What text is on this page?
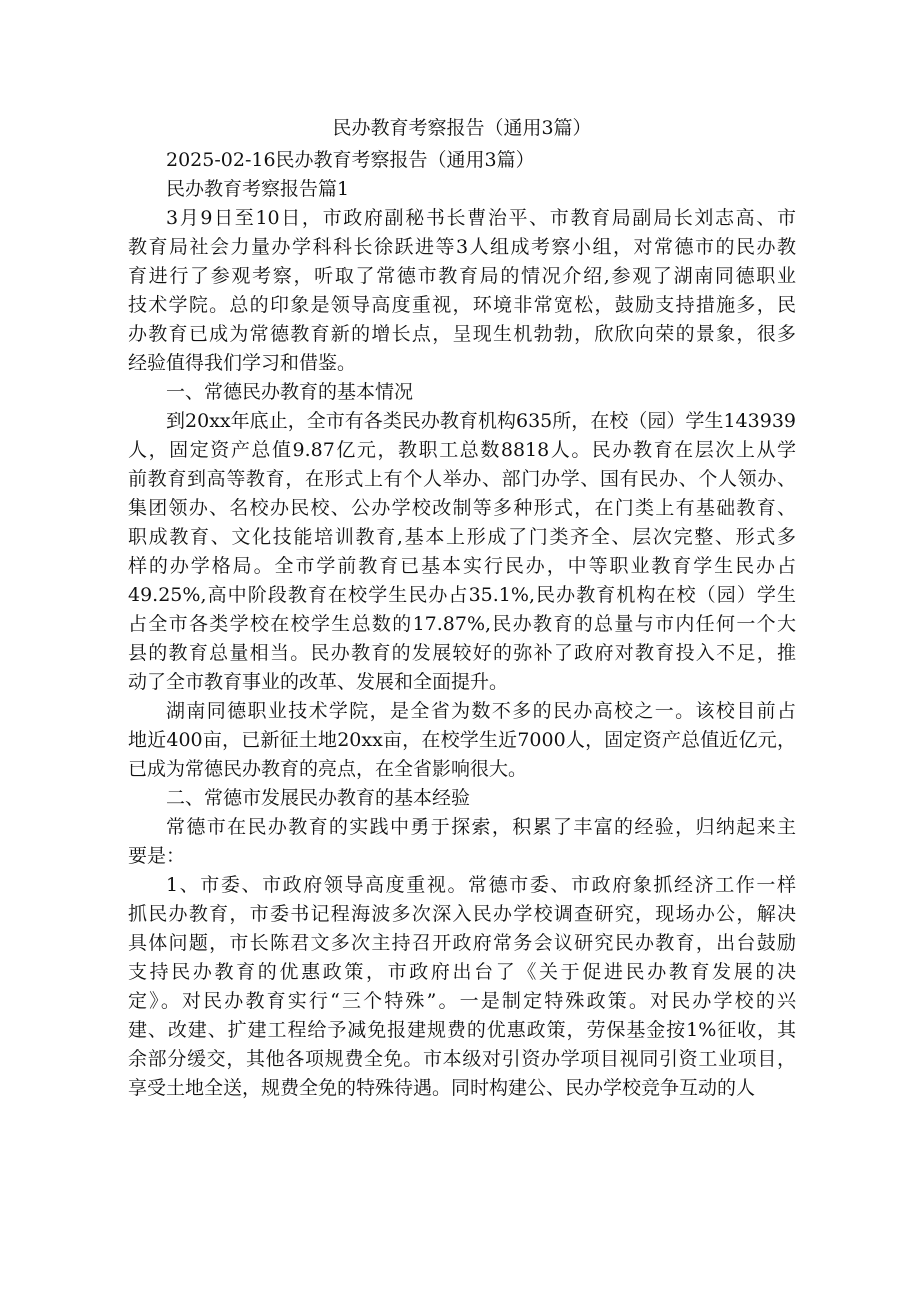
民办教育考察报告（通用3篇）

2025-02-16民办教育考察报告（通用3篇）

民办教育考察报告篇1

3月9日至10日，市政府副秘书长曹治平、市教育局副局长刘志高、市
教育局社会力量办学科科长徐跃进等3人组成考察小组，对常德市的民办教
育进行了参观考察，听取了常德市教育局的情况介绍,参观了湖南同德职业
技术学院。总的印象是领导高度重视，环境非常宽松，鼓励支持措施多，民
办教育已成为常德教育新的增长点，呈现生机勃勃，欣欣向荣的景象，很多
经验值得我们学习和借鉴。
一、常德民办教育的基本情况
到20xx年底止，全市有各类民办教育机构635所，在校（园）学生143939
人，固定资产总值9.87亿元，教职工总数8818人。民办教育在层次上从学
前教育到高等教育，在形式上有个人举办、部门办学、国有民办、个人领办、
集团领办、名校办民校、公办学校改制等多种形式，在门类上有基础教育、
职成教育、文化技能培训教育,基本上形成了门类齐全、层次完整、形式多
样的办学格局。全市学前教育已基本实行民办，中等职业教育学生民办占
49.25%,高中阶段教育在校学生民办占35.1%,民办教育机构在校（园）学生
占全市各类学校在校学生总数的17.87%,民办教育的总量与市内任何一个大
县的教育总量相当。民办教育的发展较好的弥补了政府对教育投入不足，推
动了全市教育事业的改革、发展和全面提升。
湖南同德职业技术学院，是全省为数不多的民办高校之一。该校目前占
地近400亩，已新征土地20xx亩，在校学生近7000人，固定资产总值近亿元，
已成为常德民办教育的亮点，在全省影响很大。
二、常德市发展民办教育的基本经验
常德市在民办教育的实践中勇于探索，积累了丰富的经验，归纳起来主
要是：
1、市委、市政府领导高度重视。常德市委、市政府象抓经济工作一样
抓民办教育，市委书记程海波多次深入民办学校调查研究，现场办公，解决
具体问题，市长陈君文多次主持召开政府常务会议研究民办教育，出台鼓励
支持民办教育的优惠政策，市政府出台了《关于促进民办教育发展的决
定》。对民办教育实行“三个特殊”。一是制定特殊政策。对民办学校的兴
建、改建、扩建工程给予减免报建规费的优惠政策，劳保基金按1%征收，其
余部分缓交，其他各项规费全免。市本级对引资办学项目视同引资工业项目，
享受土地全送，规费全免的特殊待遇。同时构建公、民办学校竞争互动的人
